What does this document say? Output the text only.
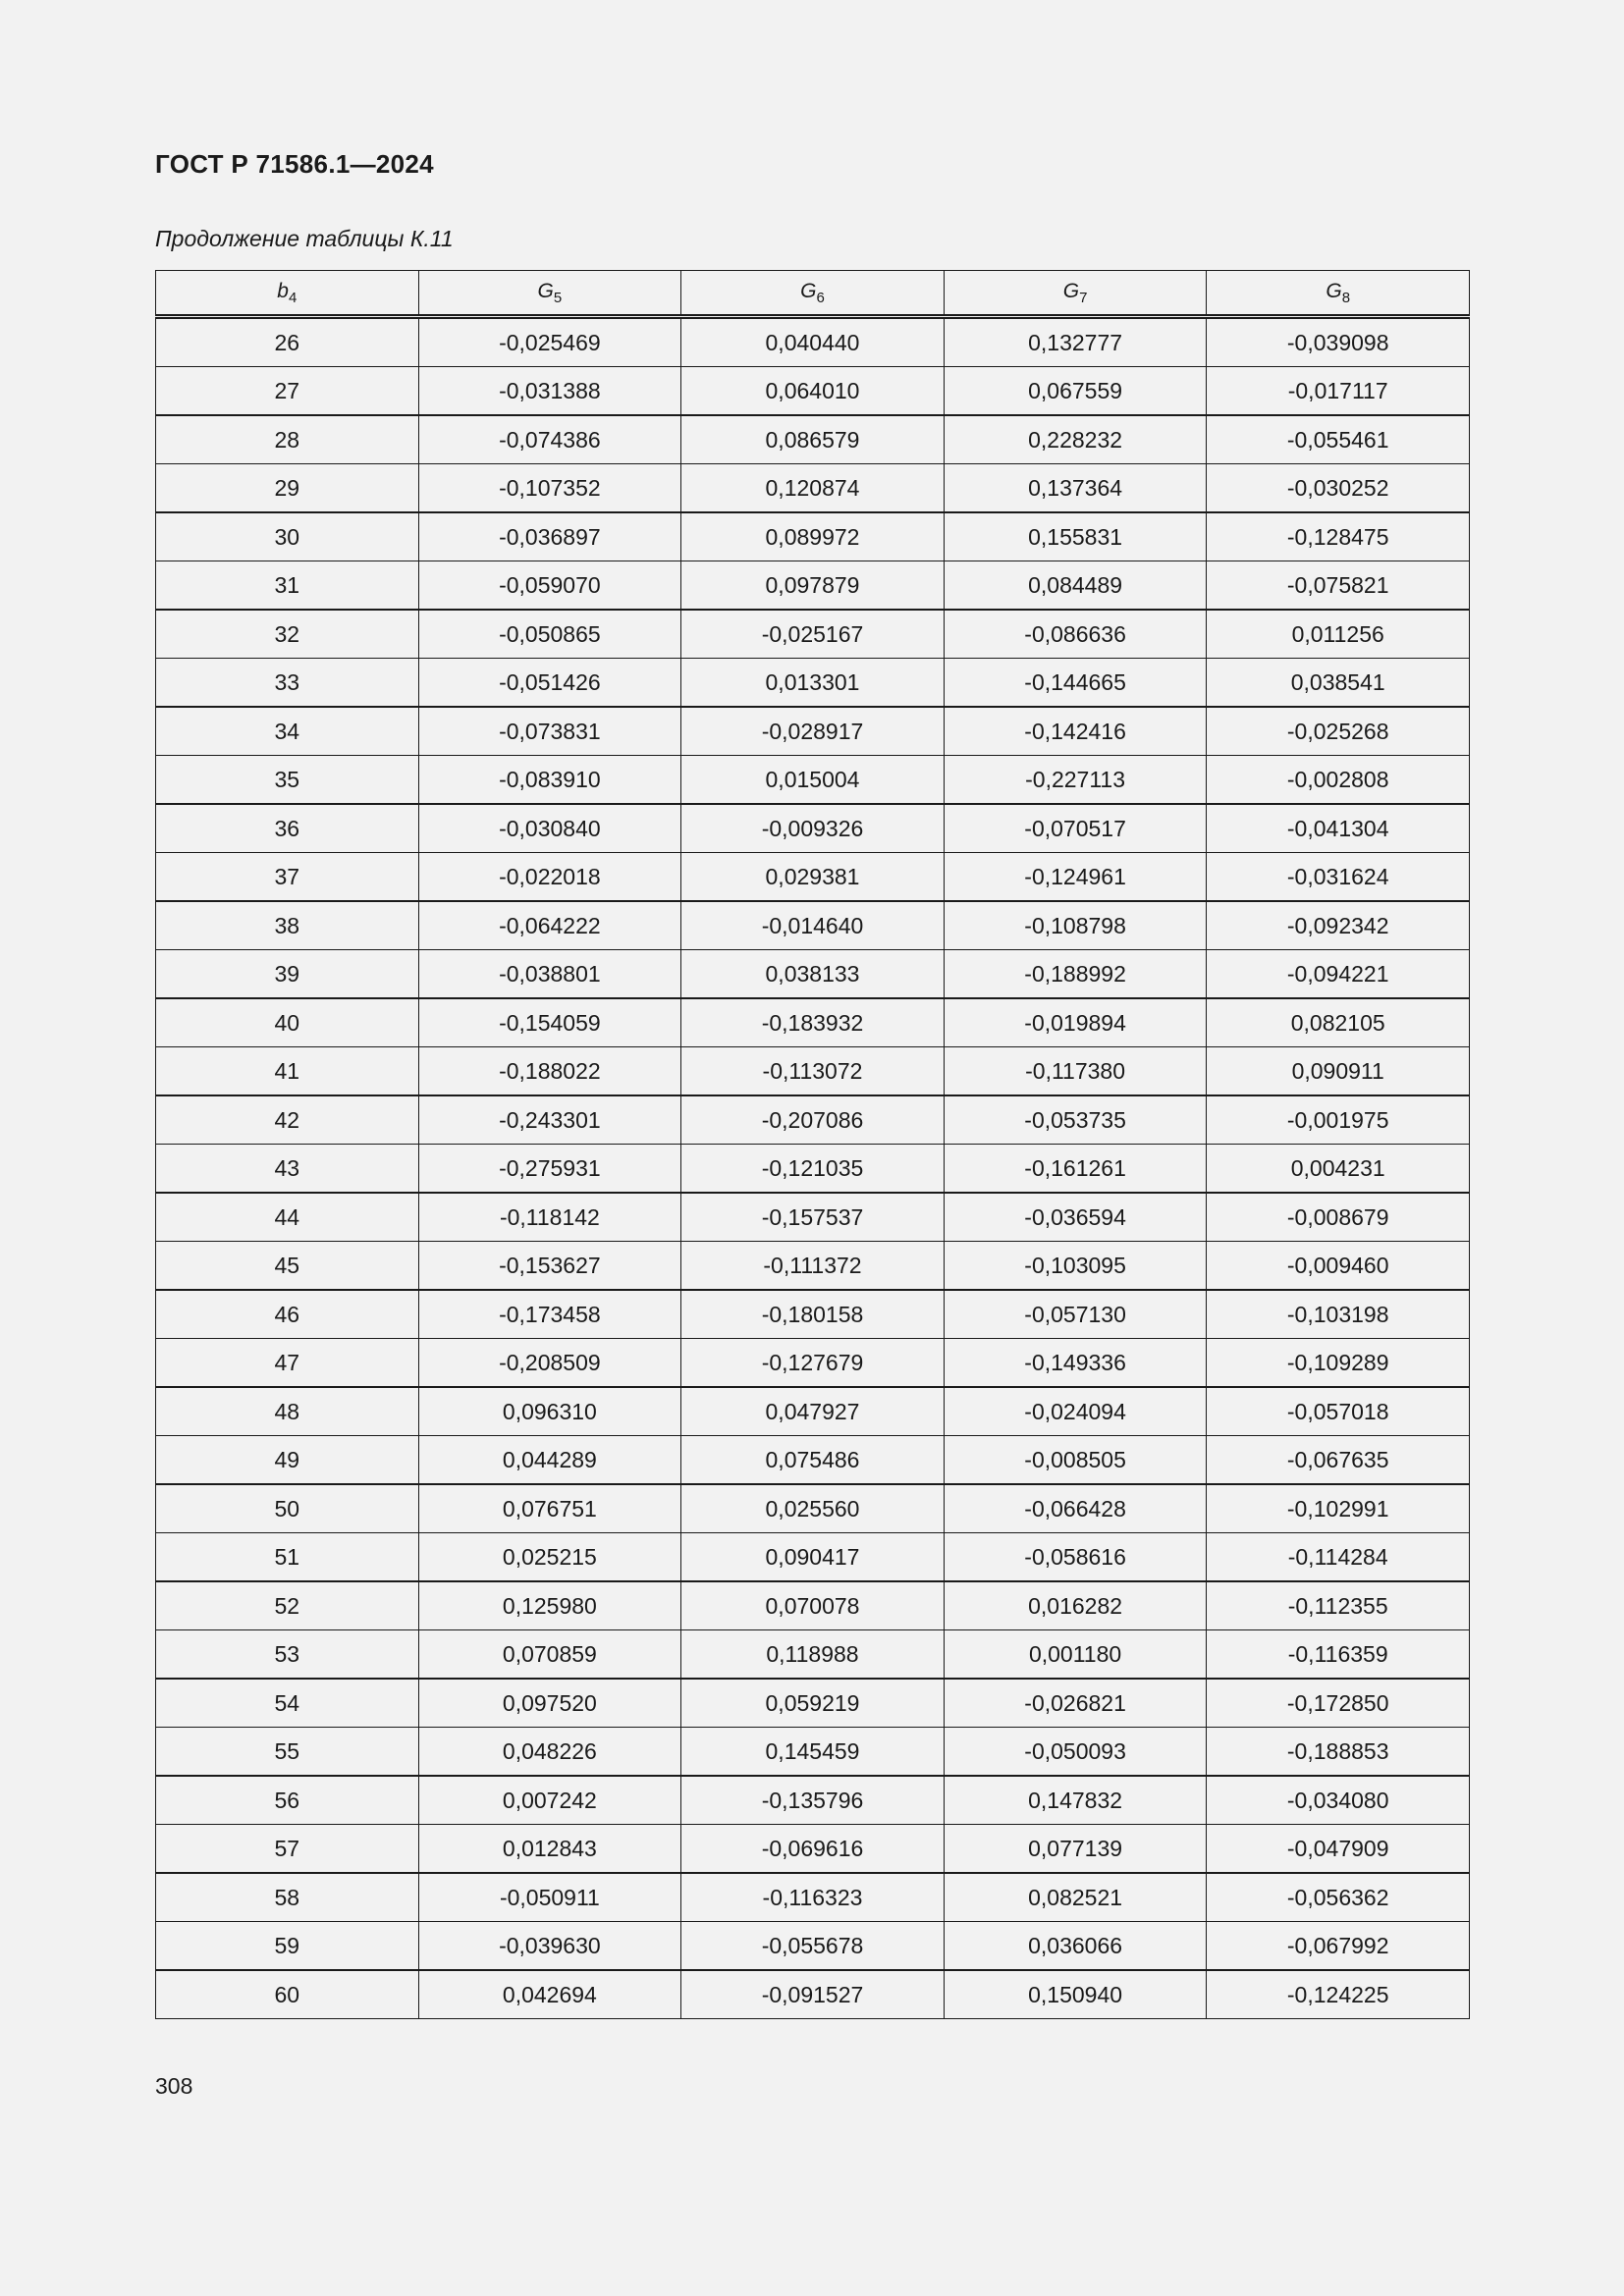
ГОСТ Р 71586.1—2024
Продолжение таблицы К.11
$b_4$	$G_5$	$G_6$	$G_7$	$G_8$
26	-0,025469	0,040440	0,132777	-0,039098
27	-0,031388	0,064010	0,067559	-0,017117
28	-0,074386	0,086579	0,228232	-0,055461
29	-0,107352	0,120874	0,137364	-0,030252
30	-0,036897	0,089972	0,155831	-0,128475
31	-0,059070	0,097879	0,084489	-0,075821
32	-0,050865	-0,025167	-0,086636	0,011256
33	-0,051426	0,013301	-0,144665	0,038541
34	-0,073831	-0,028917	-0,142416	-0,025268
35	-0,083910	0,015004	-0,227113	-0,002808
36	-0,030840	-0,009326	-0,070517	-0,041304
37	-0,022018	0,029381	-0,124961	-0,031624
38	-0,064222	-0,014640	-0,108798	-0,092342
39	-0,038801	0,038133	-0,188992	-0,094221
40	-0,154059	-0,183932	-0,019894	0,082105
41	-0,188022	-0,113072	-0,117380	0,090911
42	-0,243301	-0,207086	-0,053735	-0,001975
43	-0,275931	-0,121035	-0,161261	0,004231
44	-0,118142	-0,157537	-0,036594	-0,008679
45	-0,153627	-0,111372	-0,103095	-0,009460
46	-0,173458	-0,180158	-0,057130	-0,103198
47	-0,208509	-0,127679	-0,149336	-0,109289
48	0,096310	0,047927	-0,024094	-0,057018
49	0,044289	0,075486	-0,008505	-0,067635
50	0,076751	0,025560	-0,066428	-0,102991
51	0,025215	0,090417	-0,058616	-0,114284
52	0,125980	0,070078	0,016282	-0,112355
53	0,070859	0,118988	0,001180	-0,116359
54	0,097520	0,059219	-0,026821	-0,172850
55	0,048226	0,145459	-0,050093	-0,188853
56	0,007242	-0,135796	0,147832	-0,034080
57	0,012843	-0,069616	0,077139	-0,047909
58	-0,050911	-0,116323	0,082521	-0,056362
59	-0,039630	-0,055678	0,036066	-0,067992
60	0,042694	-0,091527	0,150940	-0,124225
308
